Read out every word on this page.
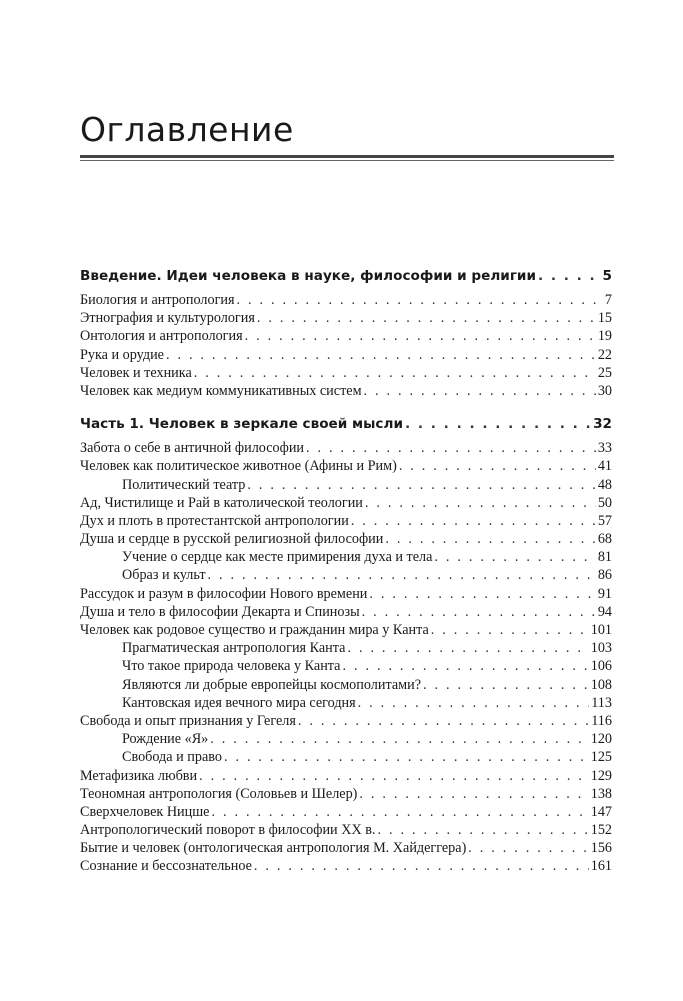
Оглавление
Введение. Идеи человека в науке, философии и религии . . .	5
Биология и антропология . . .	7
Этнография и культурология . . .	15
Онтология и антропология . . .	19
Рука и орудие . . .	22
Человек и техника . . .	25
Человек как медиум коммуникативных систем . . .	30
Часть 1. Человек в зеркале своей мысли . . .	32
Забота о себе в античной философии . . .	33
Человек как политическое животное (Афины и Рим) . . .	41
Политический театр . . .	48
Ад, Чистилище и Рай в католической теологии . . .	50
Дух и плоть в протестантской антропологии . . .	57
Душа и сердце в русской религиозной философии . . .	68
Учение о сердце как месте примирения духа и тела . . .	81
Образ и культ . . .	86
Рассудок и разум в философии Нового времени . . .	91
Душа и тело в философии Декарта и Спинозы . . .	94
Человек как родовое существо и гражданин мира у Канта . . .	101
Прагматическая антропология Канта . . .	103
Что такое природа человека у Канта . . .	106
Являются ли добрые европейцы космополитами? . . .	108
Кантовская идея вечного мира сегодня . . .	113
Свобода и опыт признания у Гегеля . . .	116
Рождение «Я» . . .	120
Свобода и право . . .	125
Метафизика любви . . .	129
Теономная антропология (Соловьев и Шелер) . . .	138
Сверхчеловек Ницше . . .	147
Антропологический поворот в философии XX в. . . .	152
Бытие и человек (онтологическая антропология М. Хайдеггера) . . .	156
Сознание и бессознательное . . .	161
